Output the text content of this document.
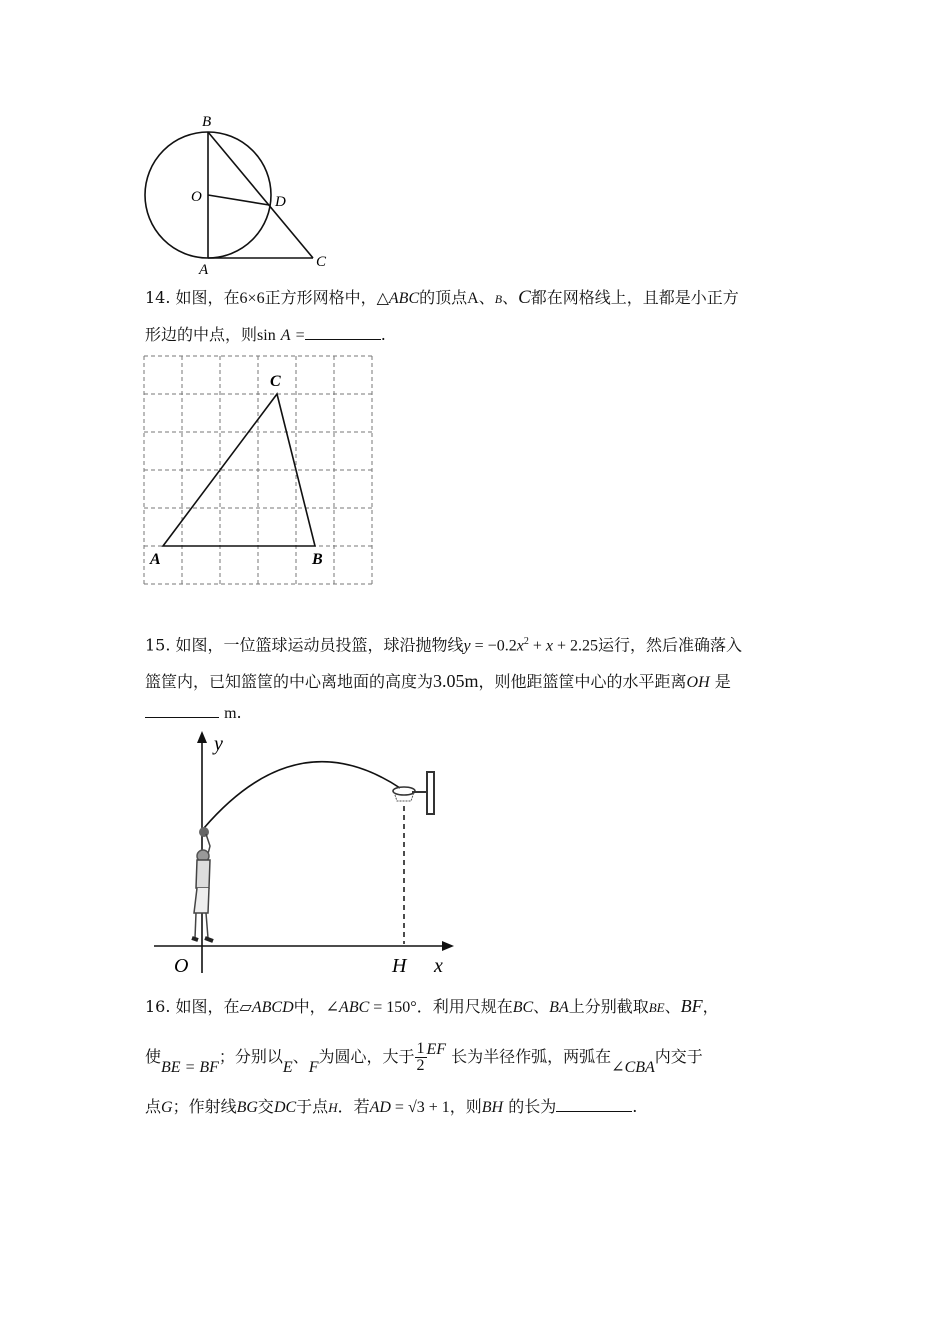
B
O	D
A	C
14. 如图，在6×6正方形网格中，△ABC的顶点A、B、C都在网格线上，且都是小正方
形边的中点，则sin A =	.
A	B
C
15. 如图，一位篮球运动员投篮，球沿抛物线$y = -0.2x^2 + x + 2.25$运行，然后准确落入
篮筐内，已知篮筐的中心离地面的高度为3.05m，则他距篮筐中心的水平距离OH 是
m.
y
x
O	H
16. 如图，在▱ABCD中，∠ABC = 150°．利用尺规在BC、BA上分别截取BE、BF，
使BE = BF；分别以E、F为圆心，大于 $\frac{1}{2}$ EF 长为半径作弧，两弧在∠CBA内交于
点G；作射线BG交DC于点H．若AD = √3 + 1，则BH 的长为	.
